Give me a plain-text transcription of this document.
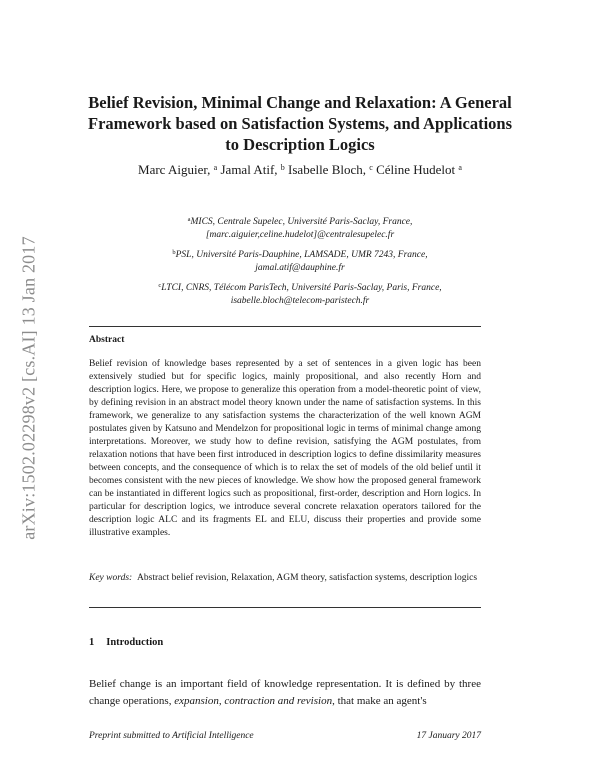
arXiv:1502.02298v2 [cs.AI] 13 Jan 2017
Belief Revision, Minimal Change and Relaxation: A General Framework based on Satisfaction Systems, and Applications to Description Logics

Marc Aiguier, $^a$ Jamal Atif, $^b$ Isabelle Bloch, $^c$ Céline Hudelot $^a$

$^a$MICS, Centrale Supelec, Université Paris-Saclay, France,
[marc.aiguier,celine.hudelot]@centralesupelec.fr

$^b$PSL, Université Paris-Dauphine, LAMSADE, UMR 7243, France,
jamal.atif@dauphine.fr

$^c$LTCI, CNRS, Télécom ParisTech, Université Paris-Saclay, Paris, France,
isabelle.bloch@telecom-paristech.fr

Abstract

Belief revision of knowledge bases represented by a set of sentences in a given logic has been extensively studied but for specific logics, mainly propositional, and also recently Horn and description logics. Here, we propose to generalize this operation from a model-theoretic point of view, by defining revision in an abstract model theory known under the name of satisfaction systems. In this framework, we generalize to any satisfaction systems the characterization of the well known AGM postulates given by Katsuno and Mendelzon for propositional logic in terms of minimal change among interpretations. Moreover, we study how to define revision, satisfying the AGM postulates, from relaxation notions that have been first introduced in description logics to define dissimilarity measures between concepts, and the consequence of which is to relax the set of models of the old belief until it becomes consistent with the new pieces of knowledge. We show how the proposed general framework can be instantiated in different logics such as propositional, first-order, description and Horn logics. In particular for description logics, we introduce several concrete relaxation operators tailored for the description logic ALC and its fragments EL and ELU, discuss their properties and provide some illustrative examples.

Key words: Abstract belief revision, Relaxation, AGM theory, satisfaction systems, description logics

1 Introduction

Belief change is an important field of knowledge representation. It is defined by three change operations, expansion, contraction and revision, that make an agent's

Preprint submitted to Artificial Intelligence	17 January 2017
